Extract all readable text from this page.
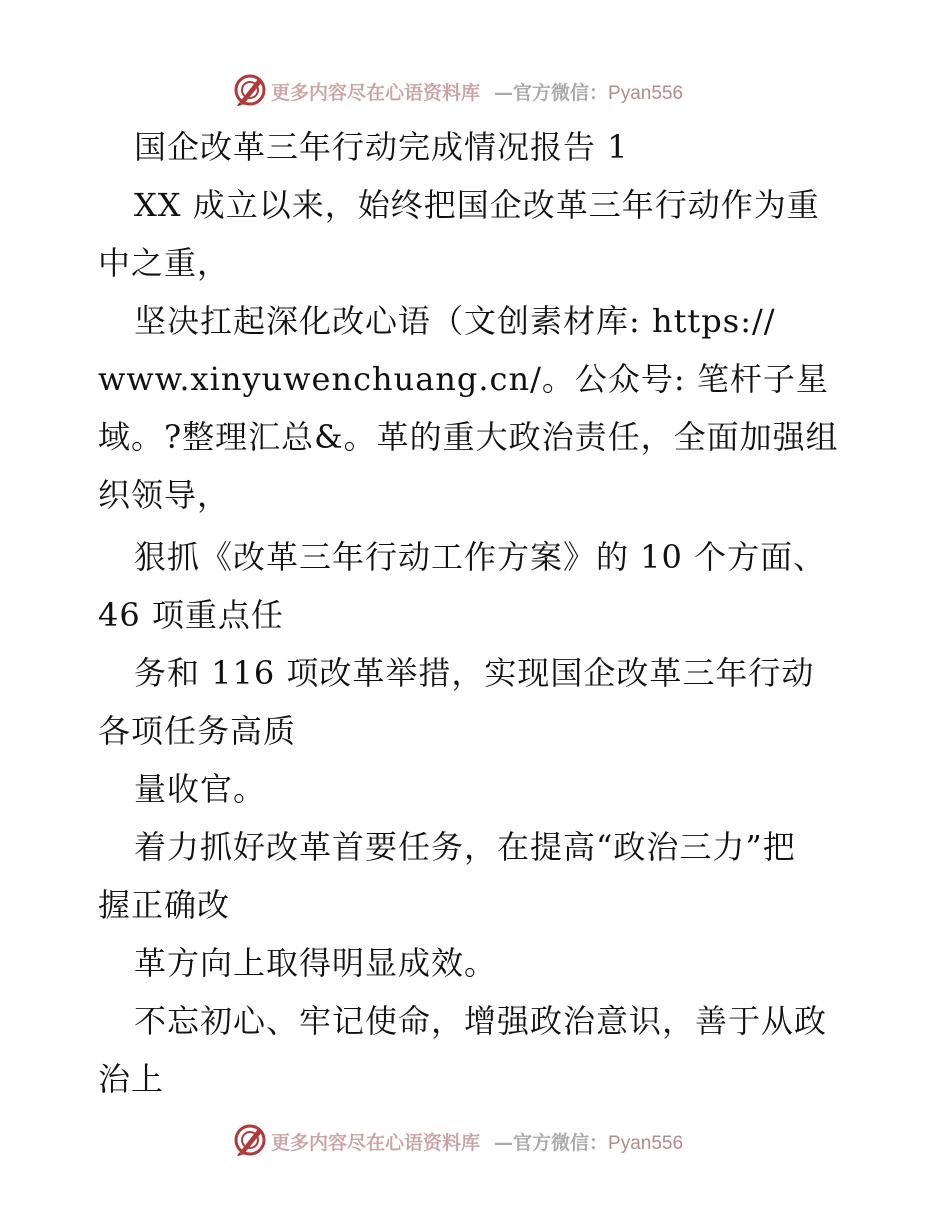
更多内容尽在心语资料库 —官方微信：Pyan556
国企改革三年行动完成情况报告 1
XX 成立以来，始终把国企改革三年行动作为重
中之重，
坚决扛起深化改心语（文创素材库: https://
www.xinyuwenchuang.cn/。公众号: 笔杆子星
域。?整理汇总&。革的重大政治责任，全面加强组
织领导，
狠抓《改革三年行动工作方案》的 10 个方面、
46 项重点任
务和 116 项改革举措，实现国企改革三年行动
各项任务高质
量收官。
着力抓好改革首要任务，在提高“政治三力”把
握正确改
革方向上取得明显成效。
不忘初心、牢记使命，增强政治意识，善于从政
治上
更多内容尽在心语资料库 —官方微信：Pyan556
